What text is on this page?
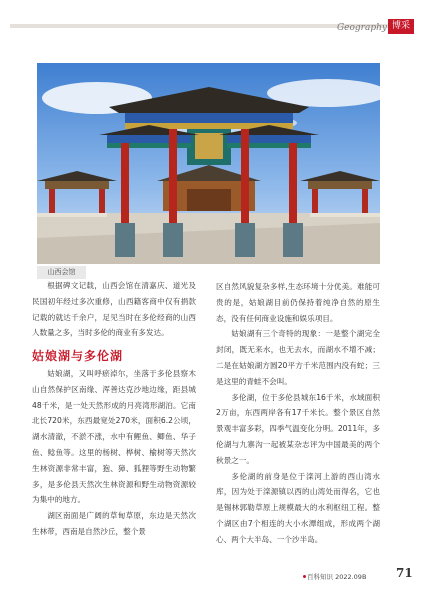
Geography 博采
山西会馆

根据碑文记载，山西会馆在清嘉庆、道光及民国初年经过多次重修，山西籍客商中仅有捐款记载的就达千余户，足见当时在多伦经商的山西人数量之多，当时多伦的商业有多发达。

姑娘湖与多伦湖

姑娘湖，又叫呼瘀淖尔，坐落于多伦县察木山自然保护区南缘、浑善达克沙地边缘，距县城48千米，是一处天然形成的月亮湾形湖泊。它南北长720米，东西最宽处270米，面积6.2公顷，湖水清澈，不淤不涨，水中有鲤鱼、鲫鱼、华子鱼、鲶鱼等。这里的杨树、桦树、榆树等天然次生林资源非常丰富，狍、獐、狐狸等野生动物繁多，是多伦县天然次生林资源和野生动物资源较为集中的地方。

湖区南面是广阔的草甸草原，东边是天然次生林带，西南是自然沙丘，整个景

区自然风貌复杂多样,生态环境十分优美。难能可贵的是，姑娘湖目前仍保持着纯净自然的原生态，没有任何商业设施和娱乐项目。

姑娘湖有三个奇特的现象：一是整个湖完全封闭，既无来水，也无去水，而湖水不增不减；二是在姑娘湖方圆20平方千米范围内没有蛇；三是这里的青蛙不会叫。

多伦湖，位于多伦县城东16千米，水域面积2万亩，东西两岸各有17千米长。整个景区自然景观丰富多彩，四季气温变化分明。2011年，多伦湖与九寨沟一起被某杂志评为中国最美的两个秋景之一。

多伦湖的前身是位于滦河上游的西山湾水库，因为处于滦源镇以西的山湾处而得名，它也是锡林郭勒草原上规模最大的水利枢纽工程。整个湖区由7个相连的大小水潭组成，形成两个湖心、两个大半岛、一个沙半岛。

百科知识 2022.09B 71
